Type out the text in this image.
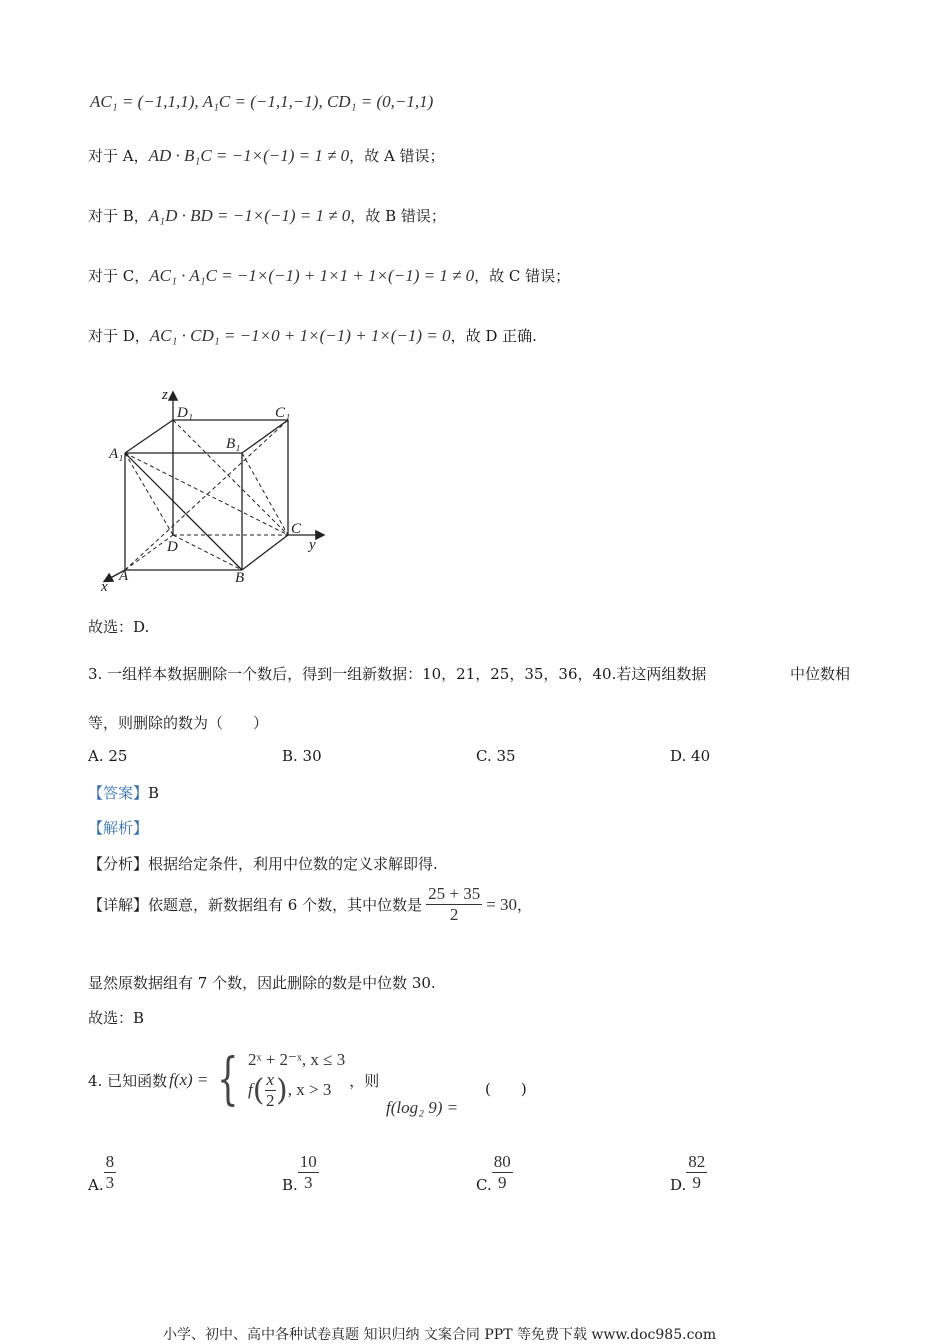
AC₁ = (−1,1,1), A₁C = (−1,1,−1), CD₁ = (0,−1,1)
对于 A，AD · B₁C = −1×(−1) = 1 ≠ 0，故 A 错误；
对于 B，A₁D · BD = −1×(−1) = 1 ≠ 0，故 B 错误；
对于 C，AC₁ · A₁C = −1×(−1) + 1×1 + 1×(−1) = 1 ≠ 0，故 C 错误；
对于 D，AC₁ · CD₁ = −1×0 + 1×(−1) + 1×(−1) = 0，故 D 正确.
z
D₁	C₁
B₁
A₁
C
D	y
A
x
B
故选：D.
3. 一组样本数据删除一个数后，得到一组新数据：10，21，25，35，36，40.若这两组数据	中位数相
等，则删除的数为（　　）
A. 25	B. 30	C. 35	D. 40
【答案】B
【解析】
【分析】根据给定条件，利用中位数的定义求解即得.
【详解】 依题意，新数据组有 6 个数，其中位数是 $\frac{25 + 35}{2} = 30$ ，
显然原数据组有 7 个数，因此删除的数是中位数 30.
故选：B
4. 已知函数 f(x) = { 2ˣ + 2⁻ˣ, x ≤ 3
f ( $\frac{x}{2}$ ) , x > 3 ，则
f(log₂ 9) =
(　　)
A. $\frac{8}{3}$	B. $\frac{10}{3}$	C. $\frac{80}{9}$	D. $\frac{82}{9}$
小学、初中、高中各种试卷真题 知识归纳 文案合同 PPT 等免费下载 www.doc985.com
